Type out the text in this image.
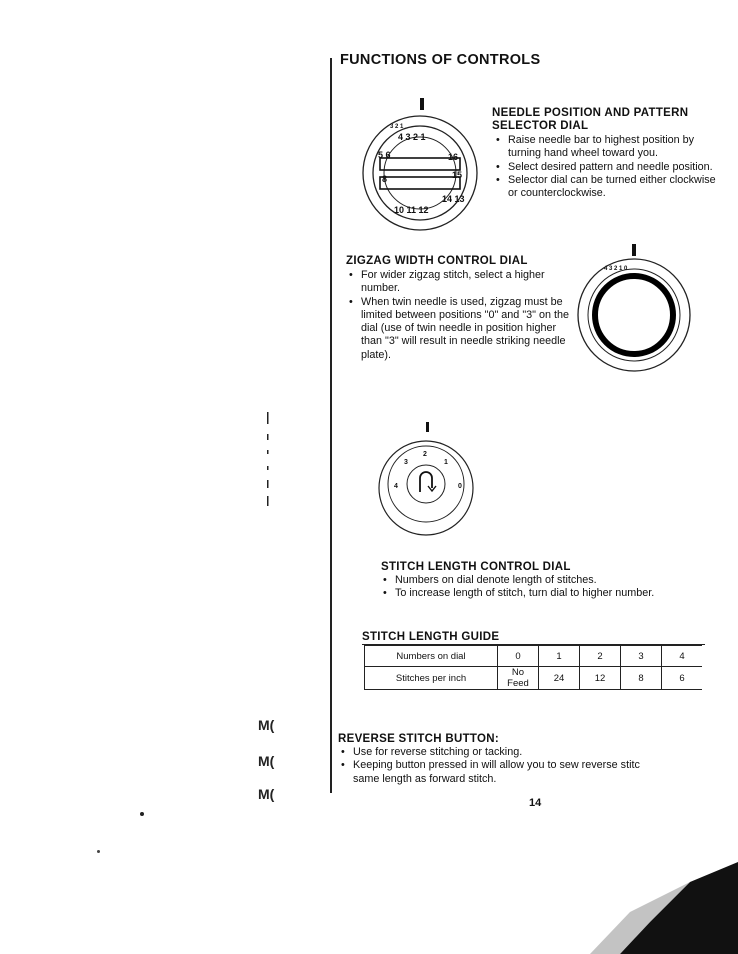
FUNCTIONS OF CONTROLS
4 3 2 1
3 2 1
5 6
8
10 11 12
16
15
14 13
NEEDLE POSITION AND PATTERN
SELECTOR DIAL
• Raise needle bar to highest position by turning hand wheel toward you.
• Select desired pattern and needle position.
• Selector dial can be turned either clockwise or counterclockwise.
ZIGZAG WIDTH CONTROL DIAL
• For wider zigzag stitch, select a higher number.
• When twin needle is used, zigzag must be limited between positions "0" and "3" on the dial (use of twin needle in position higher than "3" will result in needle striking needle plate).
4 3 2 1 0
2
3	1
4	0
STITCH LENGTH CONTROL DIAL
• Numbers on dial denote length of stitches.
• To increase length of stitch, turn dial to higher number.
STITCH LENGTH GUIDE
Numbers on dial	0	1	2	3	4
Stitches per inch	No Feed	24	12	8	6
REVERSE STITCH BUTTON:
• Use for reverse stitching or tacking.
• Keeping button pressed in will allow you to sew reverse stitc
same length as forward stitch.
14
M(
M(
M(
